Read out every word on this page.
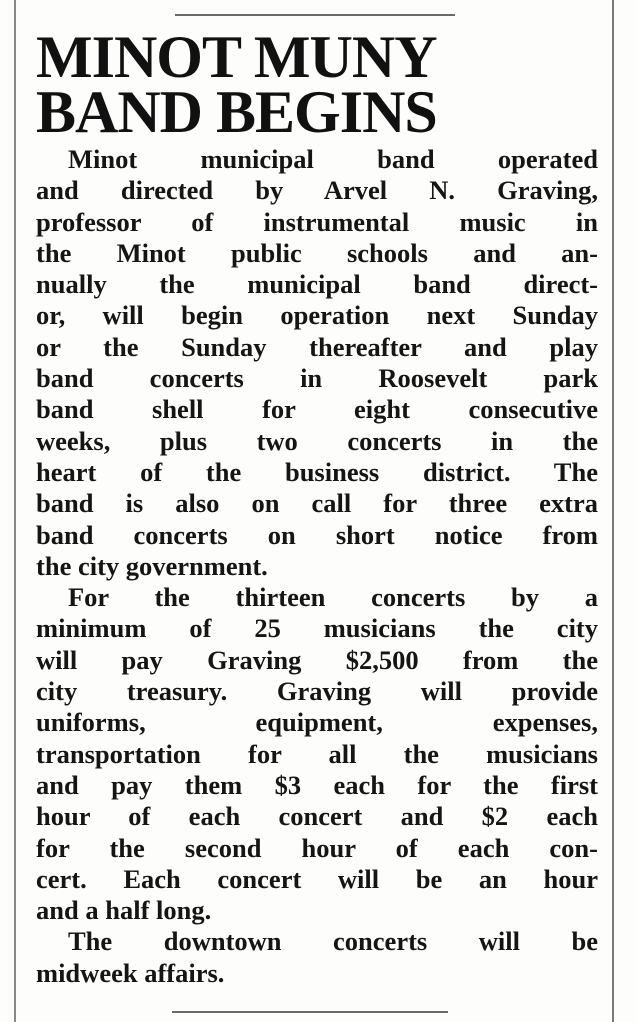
MINOT MUNY
BAND BEGINS
Minot municipal band operated
and directed by Arvel N. Graving,
professor of instrumental music in
the Minot public schools and an-
nually the municipal band direct-
or, will begin operation next Sunday
or the Sunday thereafter and play
band concerts in Roosevelt park
band shell for eight consecutive
weeks, plus two concerts in the
heart of the business district. The
band is also on call for three extra
band concerts on short notice from
the city government.
For the thirteen concerts by a
minimum of 25 musicians the city
will pay Graving $2,500 from the
city treasury. Graving will provide
uniforms, equipment, expenses,
transportation for all the musicians
and pay them $3 each for the first
hour of each concert and $2 each
for the second hour of each con-
cert. Each concert will be an hour
and a half long.
The downtown concerts will be
midweek affairs.
